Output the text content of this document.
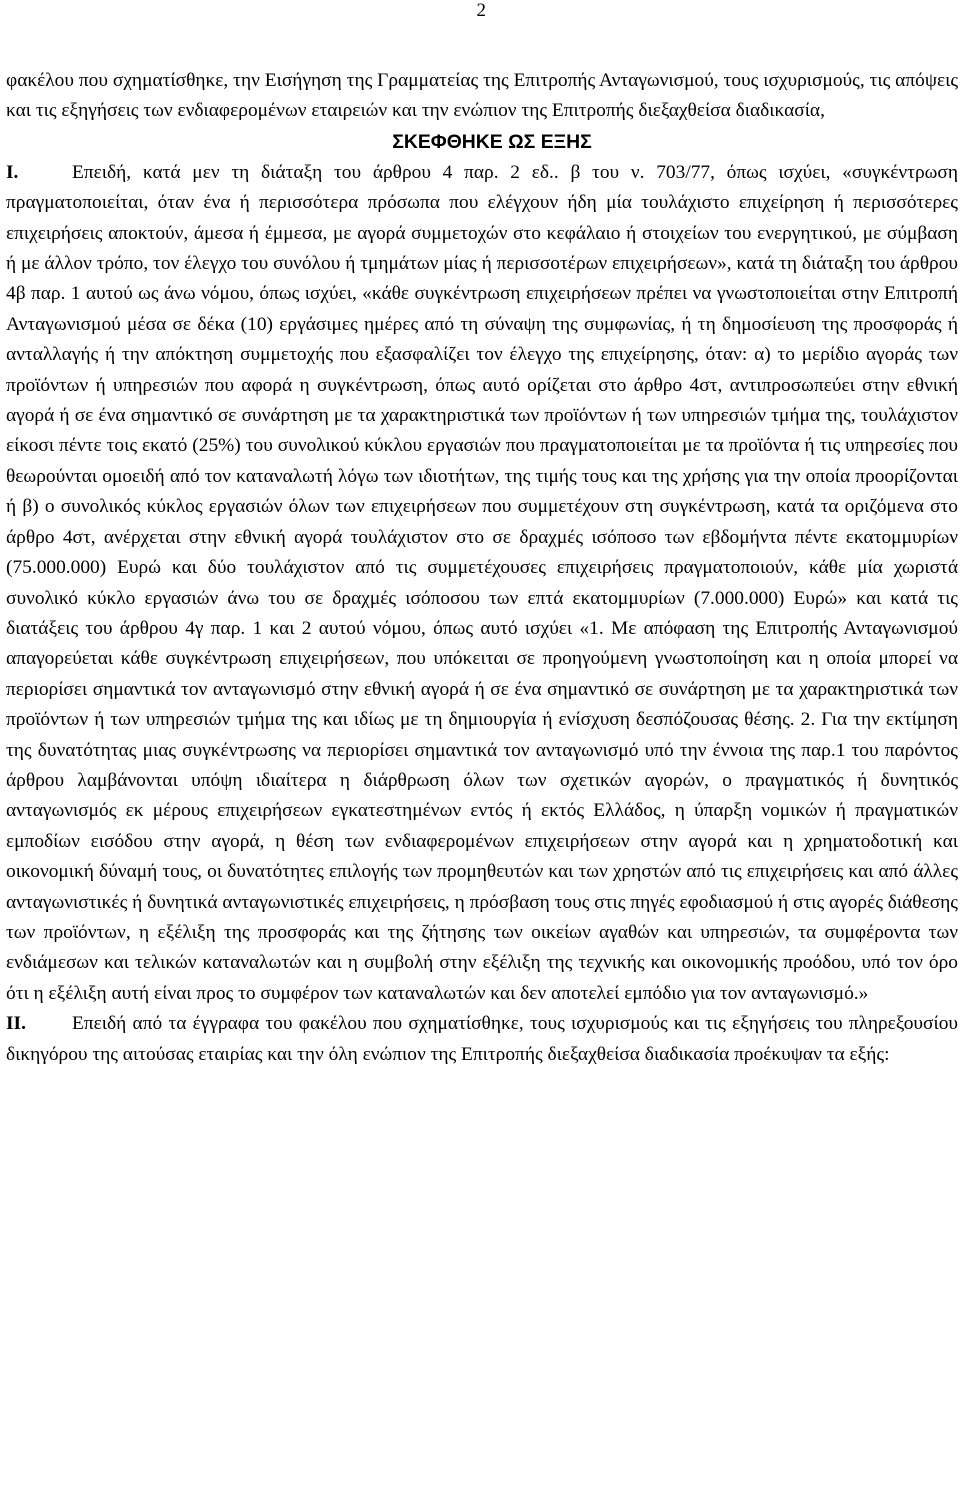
2

φακέλου που σχηματίσθηκε, την Εισήγηση της Γραμματείας της Επιτροπής Ανταγωνισμού, τους ισχυρισμούς, τις απόψεις και τις εξηγήσεις των ενδιαφερομένων εταιρειών και την ενώπιον της Επιτροπής διεξαχθείσα διαδικασία,

ΣΚΕΦΘΗΚΕ ΩΣ ΕΞΗΣ

I.	Επειδή, κατά μεν τη διάταξη του άρθρου 4 παρ. 2 εδ.. β του ν. 703/77, όπως ισχύει, «συγκέντρωση πραγματοποιείται, όταν ένα ή περισσότερα πρόσωπα που ελέγχουν ήδη μία τουλάχιστο επιχείρηση ή περισσότερες επιχειρήσεις αποκτούν, άμεσα ή έμμεσα, με αγορά συμμετοχών στο κεφάλαιο ή στοιχείων του ενεργητικού, με σύμβαση ή με άλλον τρόπο, τον έλεγχο του συνόλου ή τμημάτων μίας ή περισσοτέρων επιχειρήσεων», κατά τη διάταξη του άρθρου 4β παρ. 1 αυτού ως άνω νόμου, όπως ισχύει, «κάθε συγκέντρωση επιχειρήσεων πρέπει να γνωστοποιείται στην Επιτροπή Ανταγωνισμού μέσα σε δέκα (10) εργάσιμες ημέρες από τη σύναψη της συμφωνίας, ή τη δημοσίευση της προσφοράς ή ανταλλαγής ή την απόκτηση συμμετοχής που εξασφαλίζει τον έλεγχο της επιχείρησης, όταν: α) το μερίδιο αγοράς των προϊόντων ή υπηρεσιών που αφορά η συγκέντρωση, όπως αυτό ορίζεται στο άρθρο 4στ, αντιπροσωπεύει στην εθνική αγορά ή σε ένα σημαντικό σε συνάρτηση με τα χαρακτηριστικά των προϊόντων ή των υπηρεσιών τμήμα της, τουλάχιστον είκοσι πέντε τοις εκατό (25%) του συνολικού κύκλου εργασιών που πραγματοποιείται με τα προϊόντα ή τις υπηρεσίες που θεωρούνται ομοειδή από τον καταναλωτή λόγω των ιδιοτήτων, της τιμής τους και της χρήσης για την οποία προορίζονται ή β) ο συνολικός κύκλος εργασιών όλων των επιχειρήσεων που συμμετέχουν στη συγκέντρωση, κατά τα οριζόμενα στο άρθρο 4στ, ανέρχεται στην εθνική αγορά τουλάχιστον στο σε δραχμές ισόποσο των εβδομήντα πέντε εκατομμυρίων (75.000.000) Ευρώ και δύο τουλάχιστον από τις συμμετέχουσες επιχειρήσεις πραγματοποιούν, κάθε μία χωριστά συνολικό κύκλο εργασιών άνω του σε δραχμές ισόποσου των επτά εκατομμυρίων (7.000.000) Ευρώ» και κατά τις διατάξεις του άρθρου 4γ παρ. 1 και 2 αυτού νόμου, όπως αυτό ισχύει «1. Με απόφαση της Επιτροπής Ανταγωνισμού απαγορεύεται κάθε συγκέντρωση επιχειρήσεων, που υπόκειται σε προηγούμενη γνωστοποίηση και η οποία μπορεί να περιορίσει σημαντικά τον ανταγωνισμό στην εθνική αγορά ή σε ένα σημαντικό σε συνάρτηση με τα χαρακτηριστικά των προϊόντων ή των υπηρεσιών τμήμα της και ιδίως με τη δημιουργία ή ενίσχυση δεσπόζουσας θέσης. 2. Για την εκτίμηση της δυνατότητας μιας συγκέντρωσης να περιορίσει σημαντικά τον ανταγωνισμό υπό την έννοια της παρ.1 του παρόντος άρθρου λαμβάνονται υπόψη ιδιαίτερα η διάρθρωση όλων των σχετικών αγορών, ο πραγματικός ή δυνητικός ανταγωνισμός εκ μέρους επιχειρήσεων εγκατεστημένων εντός ή εκτός Ελλάδος, η ύπαρξη νομικών ή πραγματικών εμποδίων εισόδου στην αγορά, η θέση των ενδιαφερομένων επιχειρήσεων στην αγορά και η χρηματοδοτική και οικονομική δύναμή τους, οι δυνατότητες επιλογής των προμηθευτών και των χρηστών από τις επιχειρήσεις και από άλλες ανταγωνιστικές ή δυνητικά ανταγωνιστικές επιχειρήσεις, η πρόσβαση τους στις πηγές εφοδιασμού ή στις αγορές διάθεσης των προϊόντων, η εξέλιξη της προσφοράς και της ζήτησης των οικείων αγαθών και υπηρεσιών, τα συμφέροντα των ενδιάμεσων και τελικών καταναλωτών και η συμβολή στην εξέλιξη της τεχνικής και οικονομικής προόδου, υπό τον όρο ότι η εξέλιξη αυτή είναι προς το συμφέρον των καταναλωτών και δεν αποτελεί εμπόδιο για τον ανταγωνισμό.»

II. Επειδή από τα έγγραφα του φακέλου που σχηματίσθηκε, τους ισχυρισμούς και τις εξηγήσεις του πληρεξουσίου δικηγόρου της αιτούσας εταιρίας και την όλη ενώπιον της Επιτροπής διεξαχθείσα διαδικασία προέκυψαν τα εξής:
